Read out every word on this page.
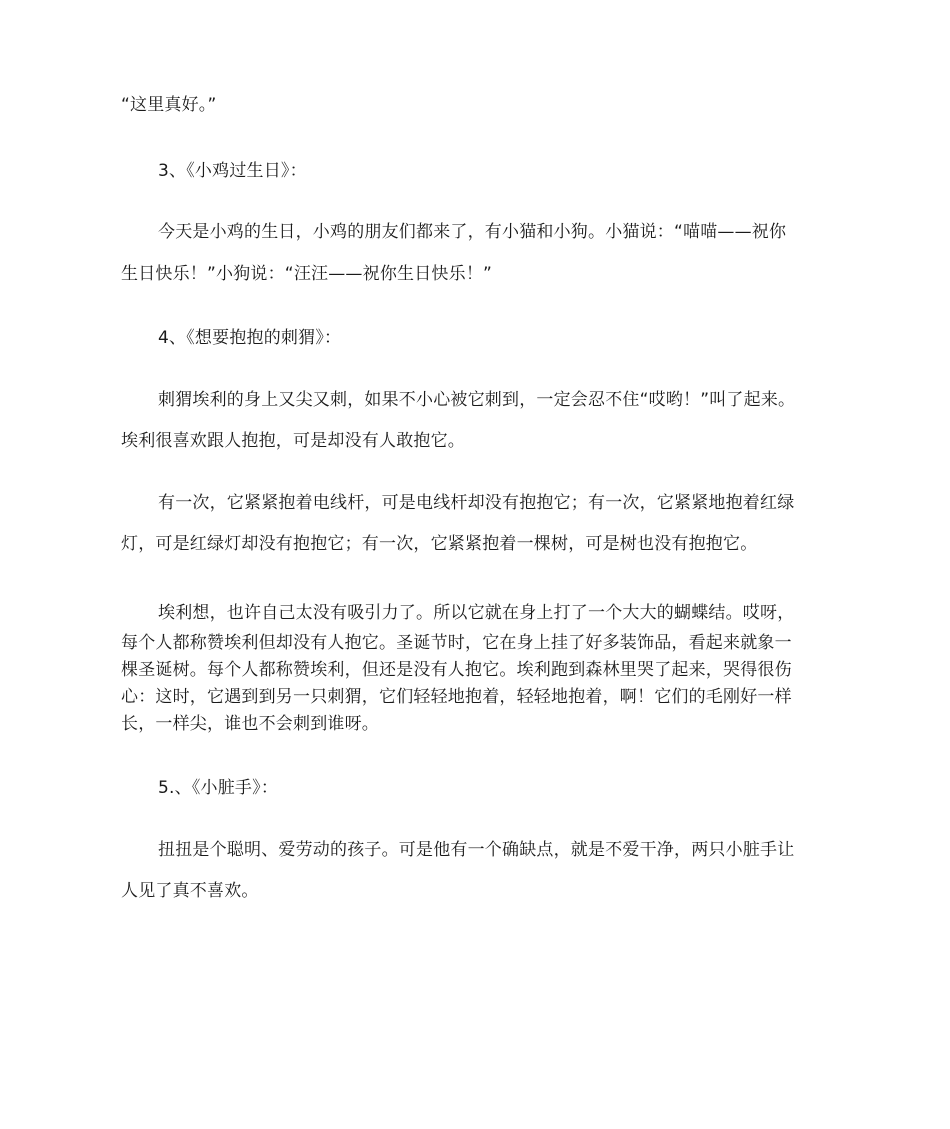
“这里真好。”
3、《小鸡过生日》：
今天是小鸡的生日，小鸡的朋友们都来了，有小猫和小狗。小猫说：“喵喵——祝你
生日快乐！”小狗说：“汪汪——祝你生日快乐！”
4、《想要抱抱的刺猬》：
刺猬埃利的身上又尖又刺，如果不小心被它刺到，一定会忍不住“哎哟！”叫了起来。
埃利很喜欢跟人抱抱，可是却没有人敢抱它。
有一次，它紧紧抱着电线杆，可是电线杆却没有抱抱它；有一次，它紧紧地抱着红绿
灯，可是红绿灯却没有抱抱它；有一次，它紧紧抱着一棵树，可是树也没有抱抱它。
埃利想，也许自己太没有吸引力了。所以它就在身上打了一个大大的蝴蝶结。哎呀，
每个人都称赞埃利但却没有人抱它。圣诞节时，它在身上挂了好多装饰品，看起来就象一
棵圣诞树。每个人都称赞埃利，但还是没有人抱它。埃利跑到森林里哭了起来，哭得很伤
心：这时，它遇到到另一只刺猬，它们轻轻地抱着，轻轻地抱着，啊！它们的毛刚好一样
长，一样尖，谁也不会刺到谁呀。
5.、《小脏手》：
扭扭是个聪明、爱劳动的孩子。可是他有一个确缺点，就是不爱干净，两只小脏手让
人见了真不喜欢。
